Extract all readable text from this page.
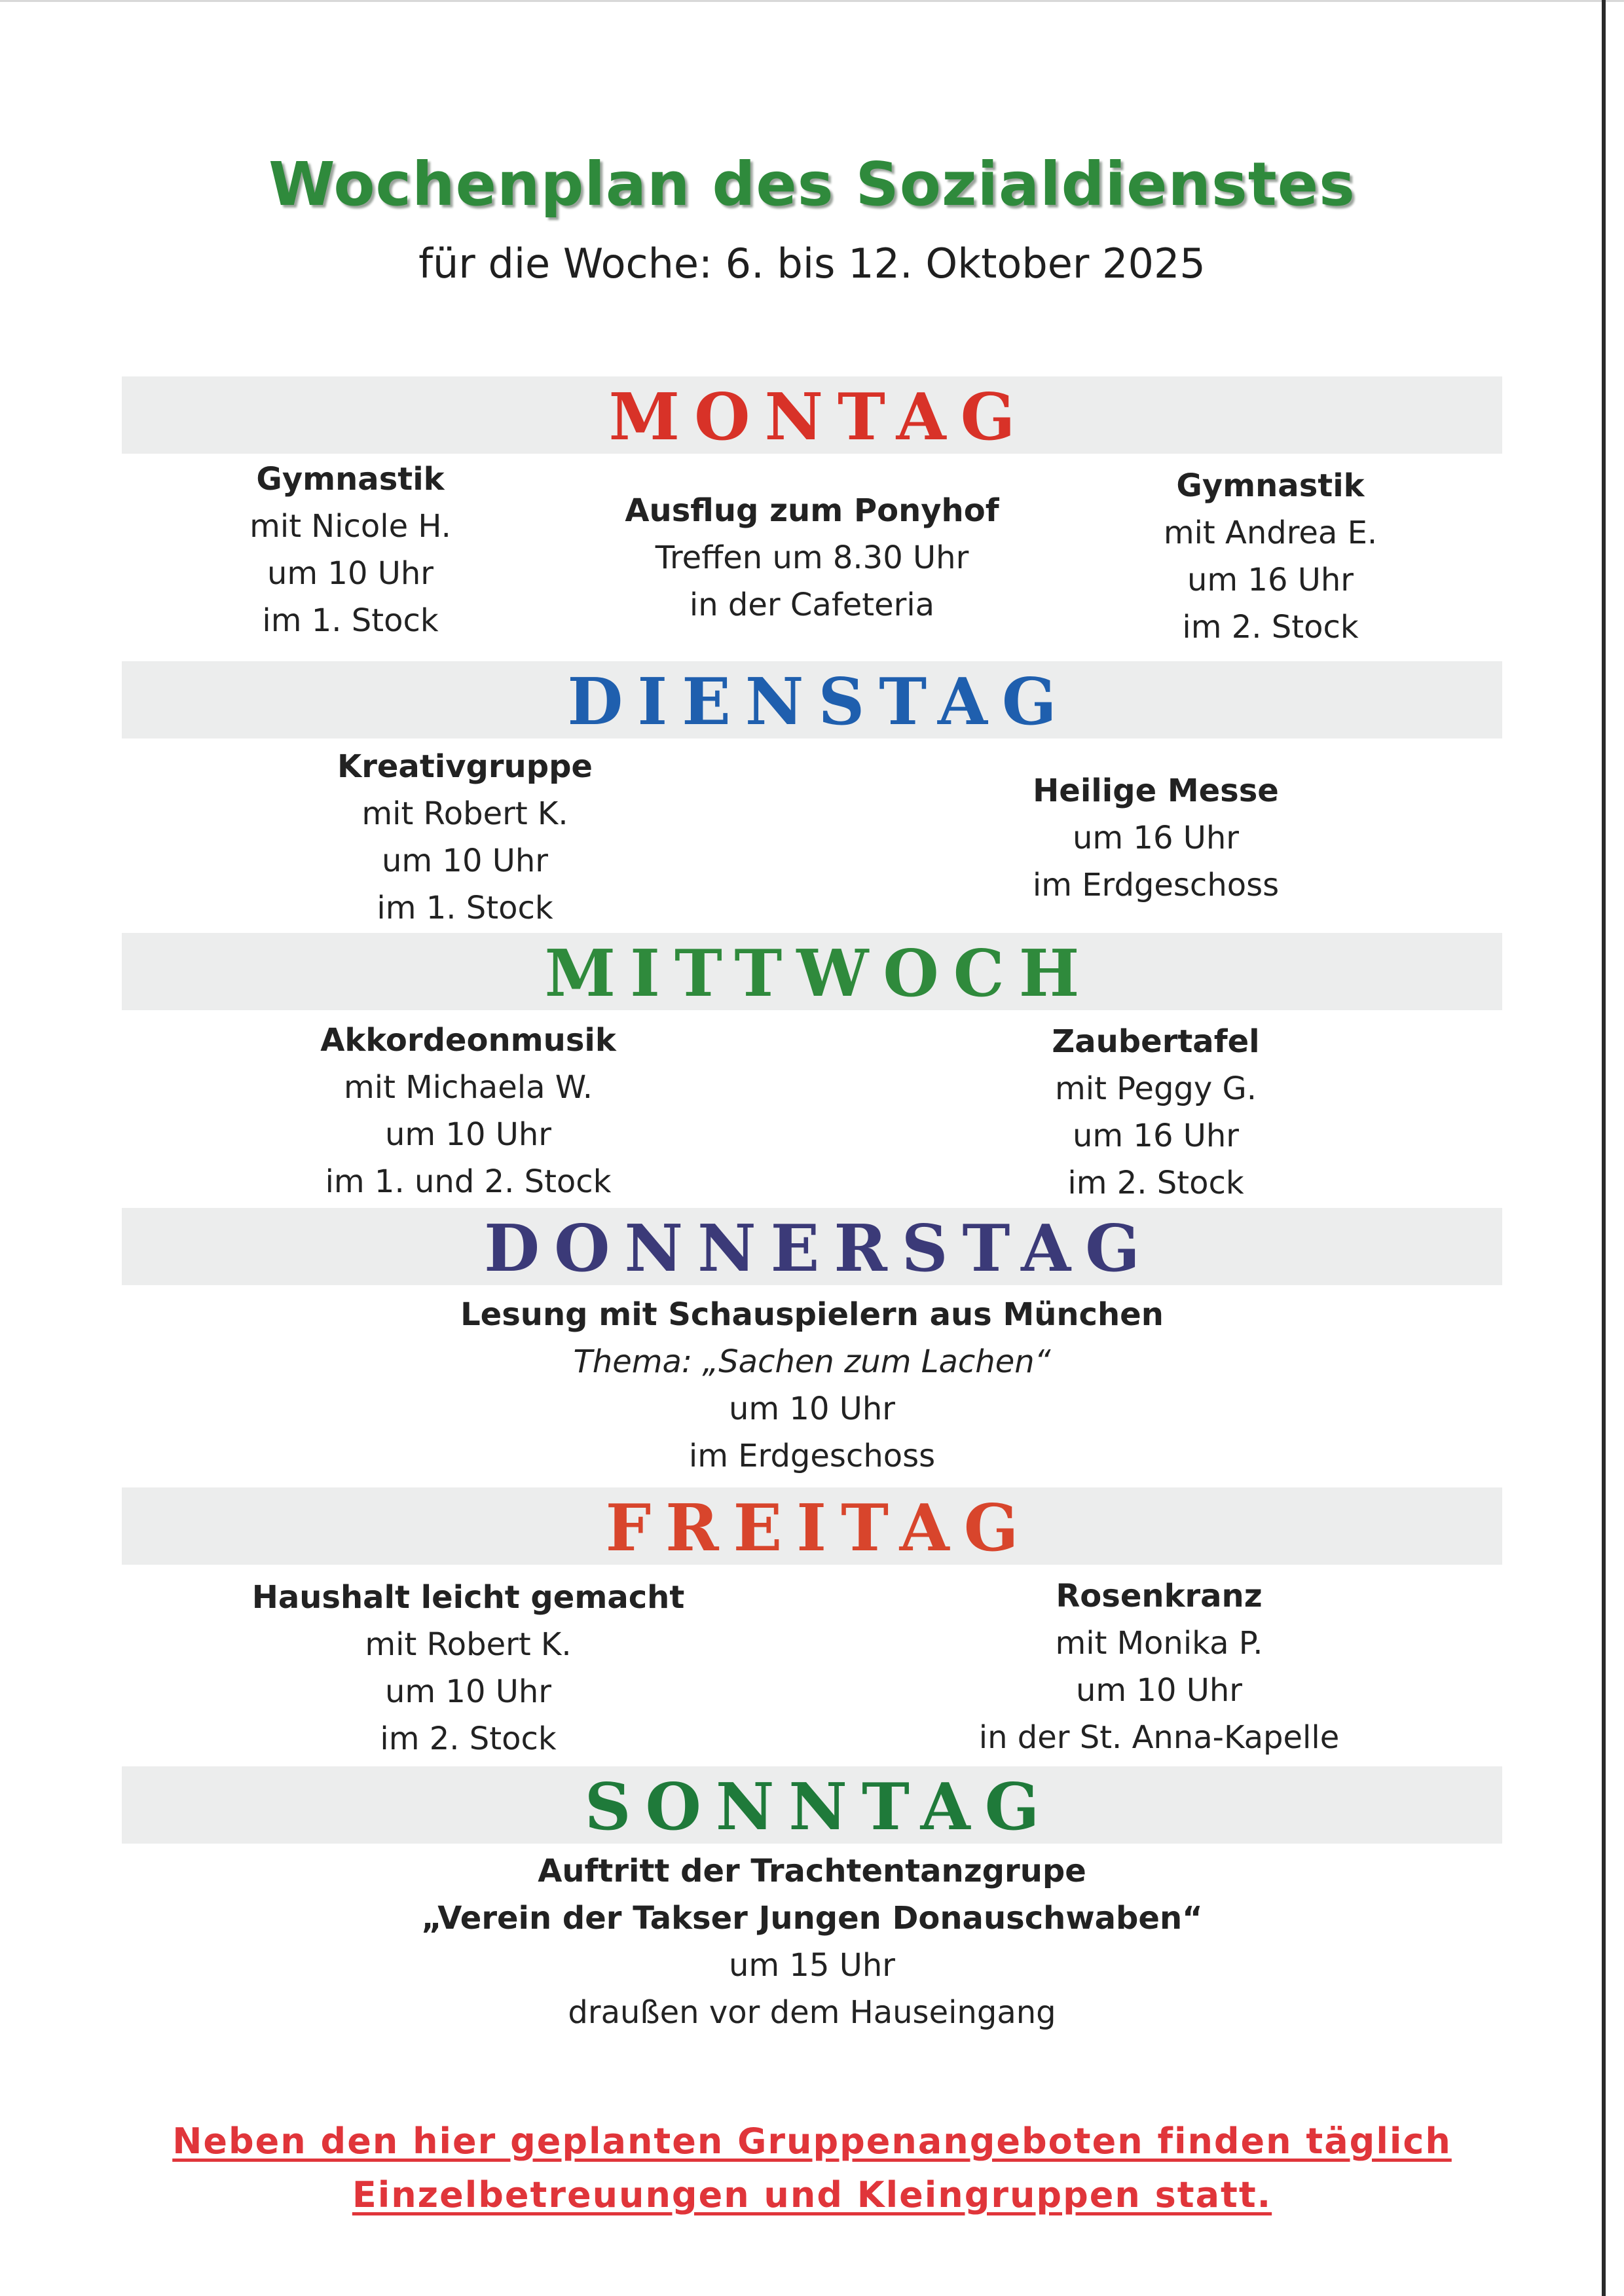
Wochenplan des Sozialdienstes
für die Woche: 6. bis 12. Oktober 2025
MONTAG
Gymnastik
mit Nicole H.
um 10 Uhr
im 1. Stock
Ausflug zum Ponyhof
Treffen um 8.30 Uhr
in der Cafeteria
Gymnastik
mit Andrea E.
um 16 Uhr
im 2. Stock
DIENSTAG
Kreativgruppe
mit Robert K.
um 10 Uhr
im 1. Stock
Heilige Messe
um 16 Uhr
im Erdgeschoss
MITTWOCH
Akkordeonmusik
mit Michaela W.
um 10 Uhr
im 1. und 2. Stock
Zaubertafel
mit Peggy G.
um 16 Uhr
im 2. Stock
DONNERSTAG
Lesung mit Schauspielern aus München
Thema: „Sachen zum Lachen“
um 10 Uhr
im Erdgeschoss
FREITAG
Haushalt leicht gemacht
mit Robert K.
um 10 Uhr
im 2. Stock
Rosenkranz
mit Monika P.
um 10 Uhr
in der St. Anna-Kapelle
SONNTAG
Auftritt der Trachtentanzgrupe
„Verein der Takser Jungen Donauschwaben“
um 15 Uhr
draußen vor dem Hauseingang
Neben den hier geplanten Gruppenangeboten finden täglich
Einzelbetreuungen und Kleingruppen statt.
